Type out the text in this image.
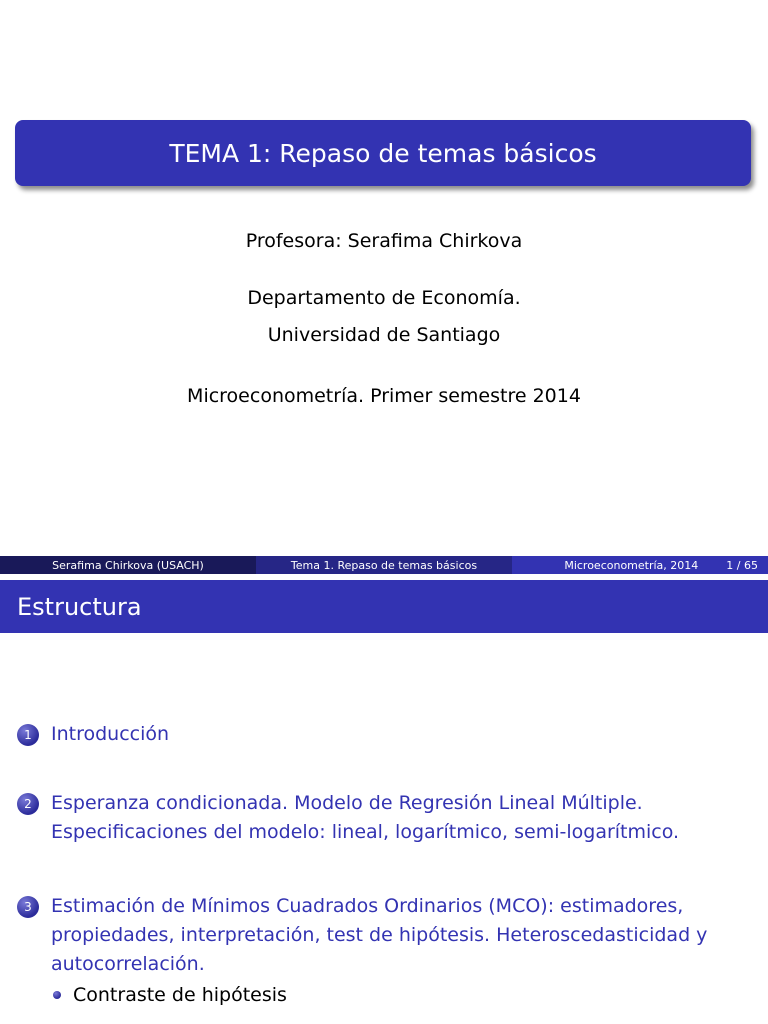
TEMA 1: Repaso de temas básicos
Profesora: Serafima Chirkova
Departamento de Economía.
Universidad de Santiago
Microeconometría. Primer semestre 2014
Serafima Chirkova (USACH)	Tema 1. Repaso de temas básicos	Microeconometría, 2014	1 / 65
Estructura
1	Introducción
2	Esperanza condicionada. Modelo de Regresión Lineal Múltiple.
Especificaciones del modelo: lineal, logarítmico, semi-logarítmico.
3	Estimación de Mínimos Cuadrados Ordinarios (MCO): estimadores,
propiedades, interpretación, test de hipótesis. Heteroscedasticidad y
autocorrelación.
Contraste de hipótesis
